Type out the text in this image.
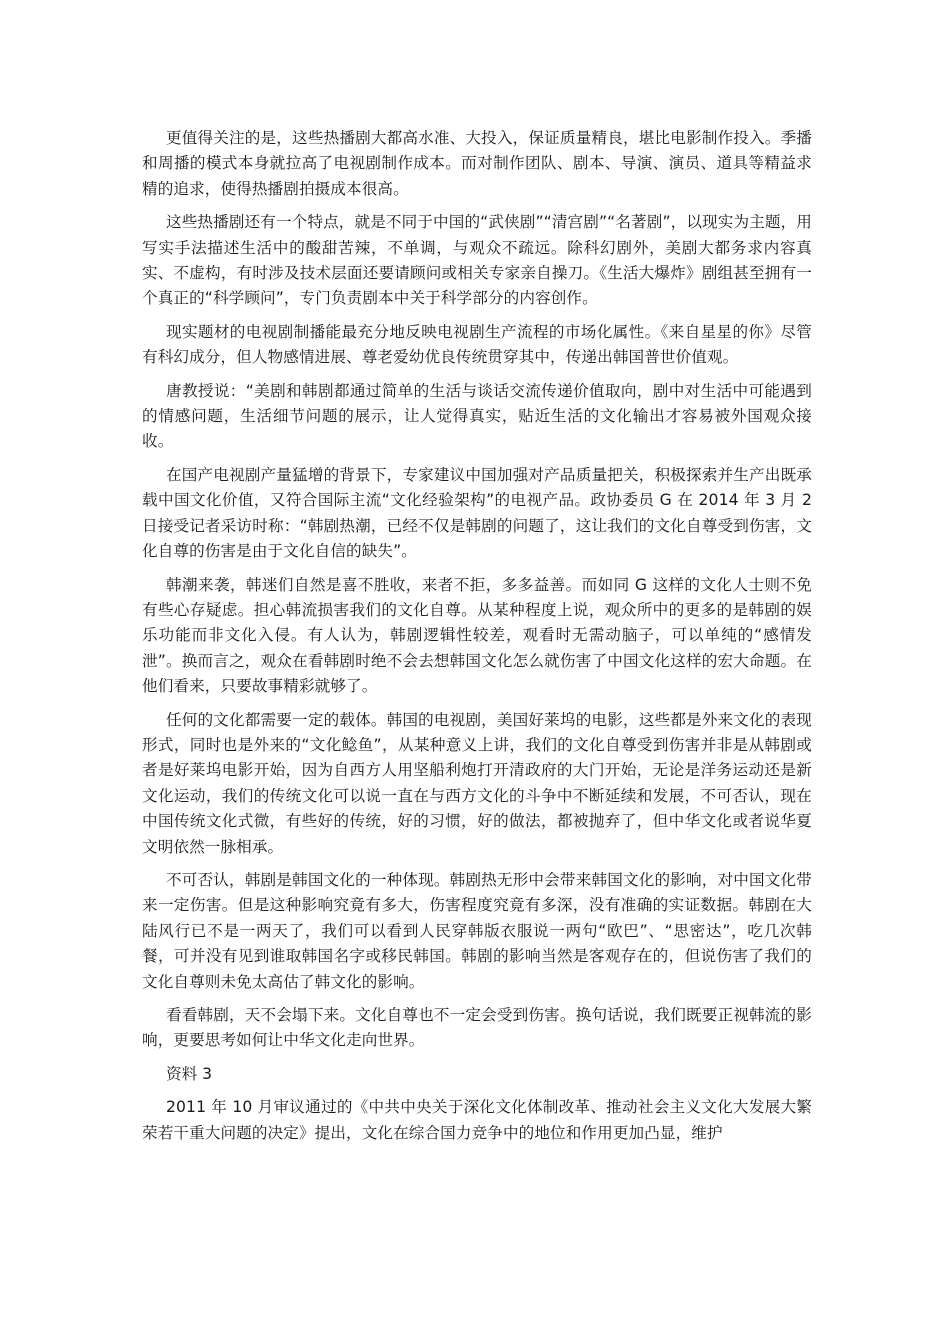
更值得关注的是，这些热播剧大都高水准、大投入，保证质量精良，堪比电影制作投入。季播和周播的模式本身就拉高了电视剧制作成本。而对制作团队、剧本、导演、演员、道具等精益求精的追求，使得热播剧拍摄成本很高。

这些热播剧还有一个特点，就是不同于中国的“武侠剧”“清宫剧”“名著剧”，以现实为主题，用写实手法描述生活中的酸甜苦辣，不单调，与观众不疏远。除科幻剧外，美剧大都务求内容真实、不虚构，有时涉及技术层面还要请顾问或相关专家亲自操刀。《生活大爆炸》剧组甚至拥有一个真正的“科学顾问”，专门负责剧本中关于科学部分的内容创作。

现实题材的电视剧制播能最充分地反映电视剧生产流程的市场化属性。《来自星星的你》尽管有科幻成分，但人物感情进展、尊老爱幼优良传统贯穿其中，传递出韩国普世价值观。

唐教授说：“美剧和韩剧都通过简单的生活与谈话交流传递价值取向，剧中对生活中可能遇到的情感问题，生活细节问题的展示，让人觉得真实，贴近生活的文化输出才容易被外国观众接收。

在国产电视剧产量猛增的背景下，专家建议中国加强对产品质量把关，积极探索并生产出既承载中国文化价值，又符合国际主流“文化经验架构”的电视产品。政协委员 G 在 2014 年 3 月 2 日接受记者采访时称：“韩剧热潮，已经不仅是韩剧的问题了，这让我们的文化自尊受到伤害，文化自尊的伤害是由于文化自信的缺失”。

韩潮来袭，韩迷们自然是喜不胜收，来者不拒，多多益善。而如同 G 这样的文化人士则不免有些心存疑虑。担心韩流损害我们的文化自尊。从某种程度上说，观众所中的更多的是韩剧的娱乐功能而非文化入侵。有人认为，韩剧逻辑性较差，观看时无需动脑子，可以单纯的“感情发泄”。换而言之，观众在看韩剧时绝不会去想韩国文化怎么就伤害了中国文化这样的宏大命题。在他们看来，只要故事精彩就够了。

任何的文化都需要一定的载体。韩国的电视剧，美国好莱坞的电影，这些都是外来文化的表现形式，同时也是外来的“文化鲶鱼”，从某种意义上讲，我们的文化自尊受到伤害并非是从韩剧或者是好莱坞电影开始，因为自西方人用坚船利炮打开清政府的大门开始，无论是洋务运动还是新文化运动，我们的传统文化可以说一直在与西方文化的斗争中不断延续和发展，不可否认，现在中国传统文化式微，有些好的传统，好的习惯，好的做法，都被抛弃了，但中华文化或者说华夏文明依然一脉相承。

不可否认，韩剧是韩国文化的一种体现。韩剧热无形中会带来韩国文化的影响，对中国文化带来一定伤害。但是这种影响究竟有多大，伤害程度究竟有多深，没有准确的实证数据。韩剧在大陆风行已不是一两天了，我们可以看到人民穿韩版衣服说一两句“欧巴”、“思密达”，吃几次韩餐，可并没有见到谁取韩国名字或移民韩国。韩剧的影响当然是客观存在的，但说伤害了我们的文化自尊则未免太高估了韩文化的影响。

看看韩剧，天不会塌下来。文化自尊也不一定会受到伤害。换句话说，我们既要正视韩流的影响，更要思考如何让中华文化走向世界。

资料 3

2011 年 10 月审议通过的《中共中央关于深化文化体制改革、推动社会主义文化大发展大繁荣若干重大问题的决定》提出，文化在综合国力竞争中的地位和作用更加凸显，维护
